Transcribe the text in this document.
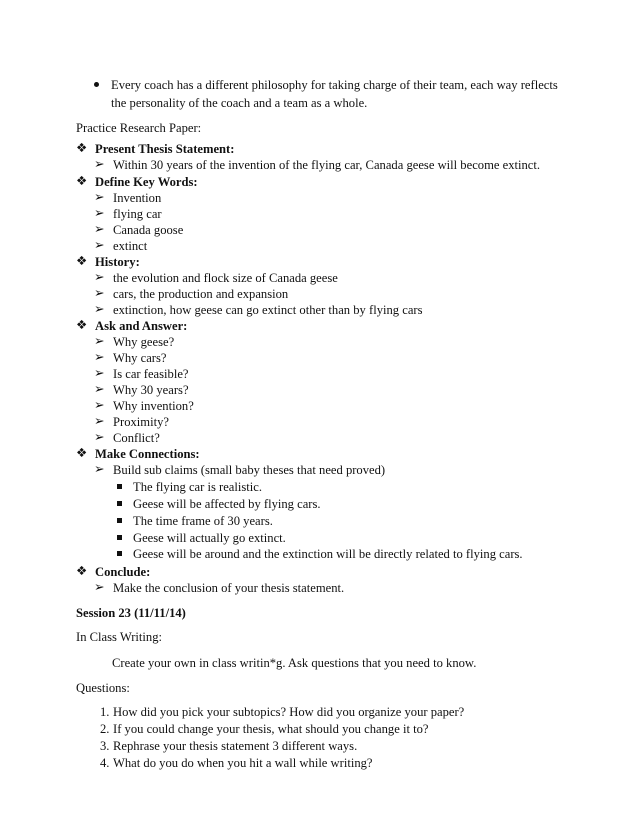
Every coach has a different philosophy for taking charge of their team, each way reflects
the personality of the coach and a team as a whole.
Practice Research Paper:
❖ Present Thesis Statement:
➢ Within 30 years of the invention of the flying car, Canada geese will become extinct.
❖ Define Key Words:
➢ Invention
➢ flying car
➢ Canada goose
➢ extinct
❖ History:
➢ the evolution and flock size of Canada geese
➢ cars, the production and expansion
➢ extinction, how geese can go extinct other than by flying cars
❖ Ask and Answer:
➢ Why geese?
➢ Why cars?
➢ Is car feasible?
➢ Why 30 years?
➢ Why invention?
➢ Proximity?
➢ Conflict?
❖ Make Connections:
➢ Build sub claims (small baby theses that need proved)
The flying car is realistic.
Geese will be affected by flying cars.
The time frame of 30 years.
Geese will actually go extinct.
Geese will be around and the extinction will be directly related to flying cars.
❖ Conclude:
➢ Make the conclusion of your thesis statement.
Session 23 (11/11/14)
In Class Writing:
Create your own in class writin*g. Ask questions that you need to know.
Questions:
1. How did you pick your subtopics? How did you organize your paper?
2. If you could change your thesis, what should you change it to?
3. Rephrase your thesis statement 3 different ways.
4. What do you do when you hit a wall while writing?
